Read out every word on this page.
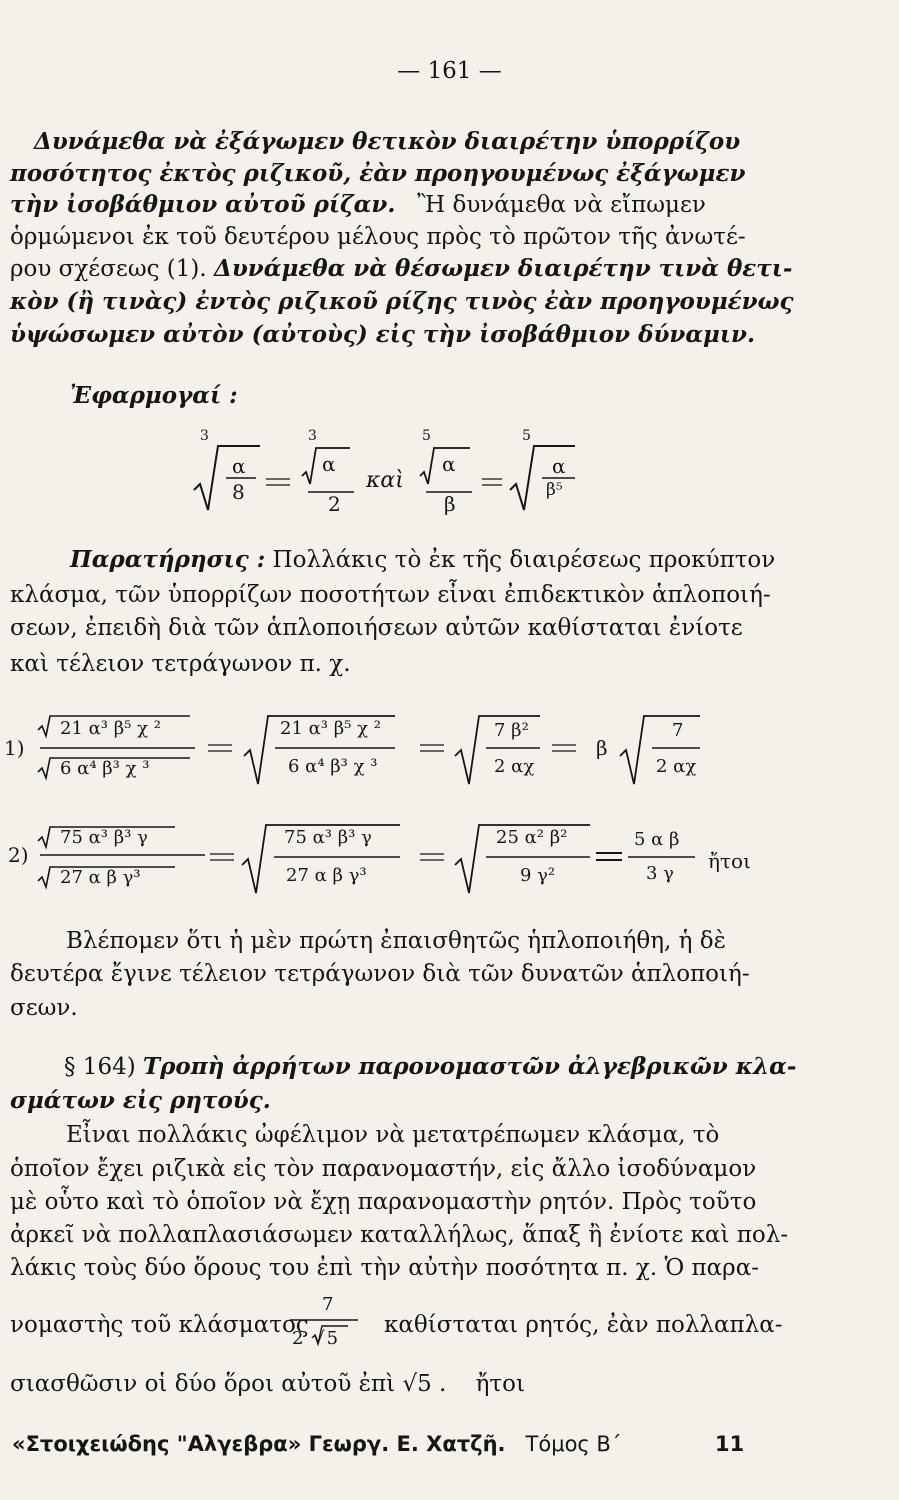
— 161 —
Δυνάμεθα νὰ ἐξάγωμεν θετικὸν διαιρέτην ὑπορρίζου
ποσότητος ἐκτὸς ριζικοῦ, ἐὰν προηγουμένως ἐξάγωμεν
τὴν ἰσοβάθμιον αὐτοῦ ρίζαν. Ἢ δυνάμεθα νὰ εἴπωμεν
ὁρμώμενοι ἐκ τοῦ δευτέρου μέλους πρὸς τὸ πρῶτον τῆς ἀνωτέ-
ρου σχέσεως (1). Δυνάμεθα νὰ θέσωμεν διαιρέτην τινὰ θετι-
κὸν (ἢ τινὰς) ἐντὸς ριζικοῦ ρίζης τινὸς ἐὰν προηγουμένως
ὑψώσωμεν αὐτὸν (αὐτοὺς) εἰς τὴν ἰσοβάθμιον δύναμιν.
Ἐφαρμογαί :
3
α
8
3
α
2
καὶ
5
α
β
5
α
β⁵
Παρατήρησις : Πολλάκις τὸ ἐκ τῆς διαιρέσεως προκύπτον
κλάσμα, τῶν ὑπορρίζων ποσοτήτων εἶναι ἐπιδεκτικὸν ἁπλοποιή-
σεων, ἐπειδὴ διὰ τῶν ἁπλοποιήσεων αὐτῶν καθίσταται ἐνίοτε
καὶ τέλειον τετράγωνον π. χ.
1)
21 α³ β⁵ χ ²
6 α⁴ β³ χ ³
21 α³ β⁵ χ ²
6 α⁴ β³ χ ³
7 β²
2 αχ
β
7
2 αχ
2)
75 α³ β³ γ
27 α β γ³
75 α³ β³ γ
27 α β γ³
25 α² β²
9 γ²
5 α β
3 γ
ἤτοι
Βλέπομεν ὅτι ἡ μὲν πρώτη ἐπαισθητῶς ἡπλοποιήθη, ἡ δὲ
δευτέρα ἔγινε τέλειον τετράγωνον διὰ τῶν δυνατῶν ἁπλοποιή-
σεων.
§ 164) Τροπὴ ἀρρήτων παρονομαστῶν ἀλγεβρικῶν κλα-
σμάτων εἰς ρητούς.
Εἶναι πολλάκις ὠφέλιμον νὰ μετατρέπωμεν κλάσμα, τὸ
ὁποῖον ἔχει ριζικὰ εἰς τὸν παρανομαστήν, εἰς ἄλλο ἰσοδύναμον
μὲ οὗτο καὶ τὸ ὁποῖον νὰ ἔχῃ παρανομαστὴν ρητόν. Πρὸς τοῦτο
ἀρκεῖ νὰ πολλαπλασιάσωμεν καταλλήλως, ἅπαξ ἢ ἐνίοτε καὶ πολ-
λάκις τοὺς δύο ὅρους του ἐπὶ τὴν αὐτὴν ποσότητα π. χ. Ὁ παρα-
νομαστὴς τοῦ κλάσματος
7
2 √5
καθίσταται ρητός, ἐὰν πολλαπλα-
σιασθῶσιν οἱ δύο ὅροι αὐτοῦ ἐπὶ √5 . ἤτοι
«Στοιχειώδης "Αλγεβρα» Γεωργ. Ε. Χατζῆ. Τόμος Β΄	11
